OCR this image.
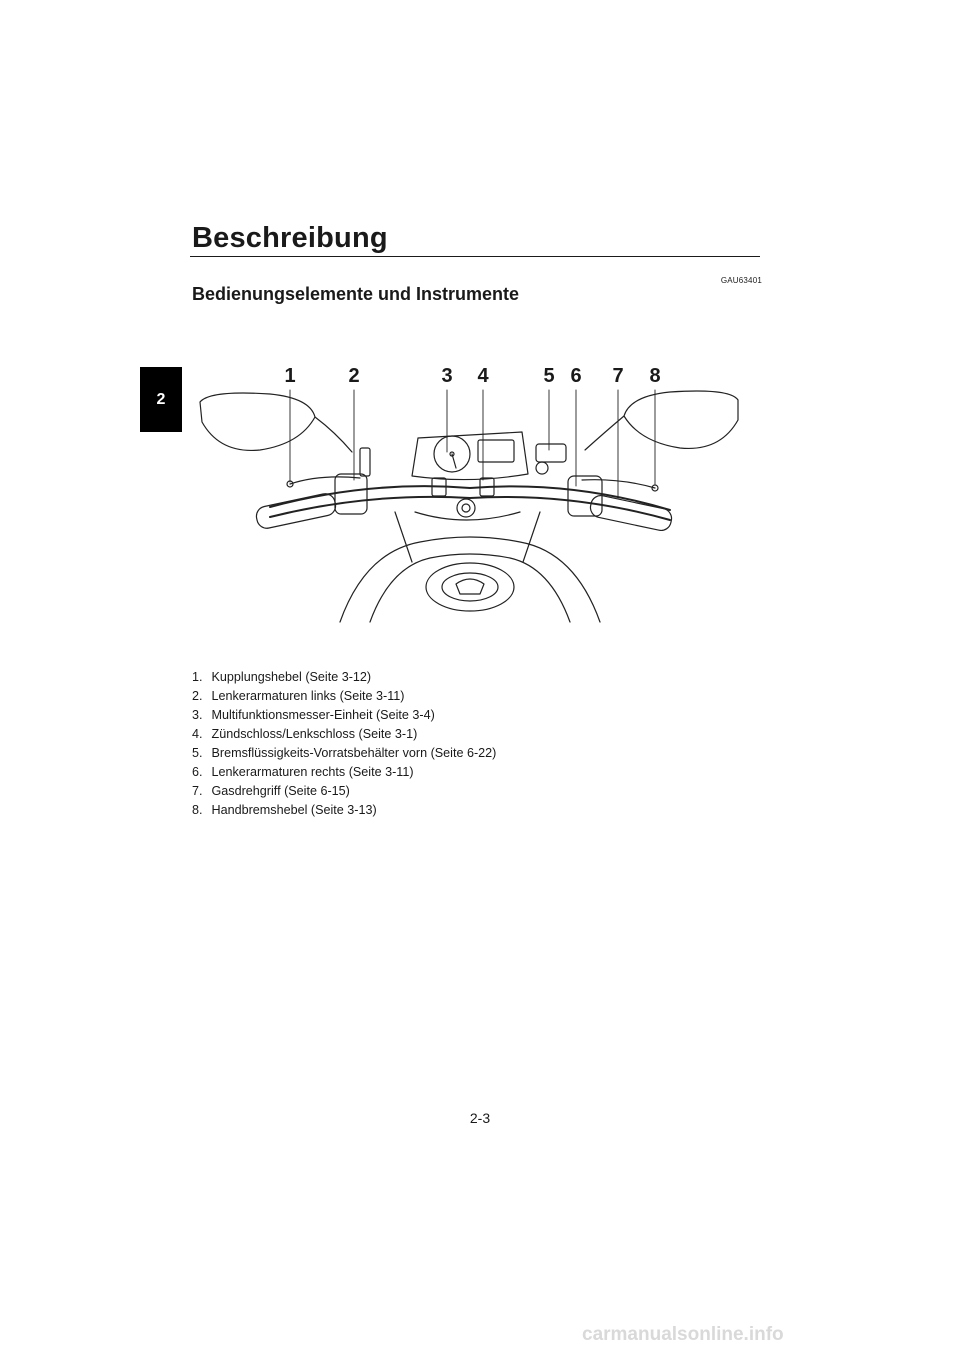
Beschreibung
2
GAU63401
Bedienungselemente und Instrumente
1	2	3 4	5 6 7 8
1. Kupplungshebel (Seite 3-12)
2. Lenkerarmaturen links (Seite 3-11)
3. Multifunktionsmesser-Einheit (Seite 3-4)
4. Zündschloss/Lenkschloss (Seite 3-1)
5. Bremsflüssigkeits-Vorratsbehälter vorn (Seite 6-22)
6. Lenkerarmaturen rechts (Seite 3-11)
7. Gasdrehgriff (Seite 6-15)
8. Handbremshebel (Seite 3-13)
2-3
carmanualsonline.info
